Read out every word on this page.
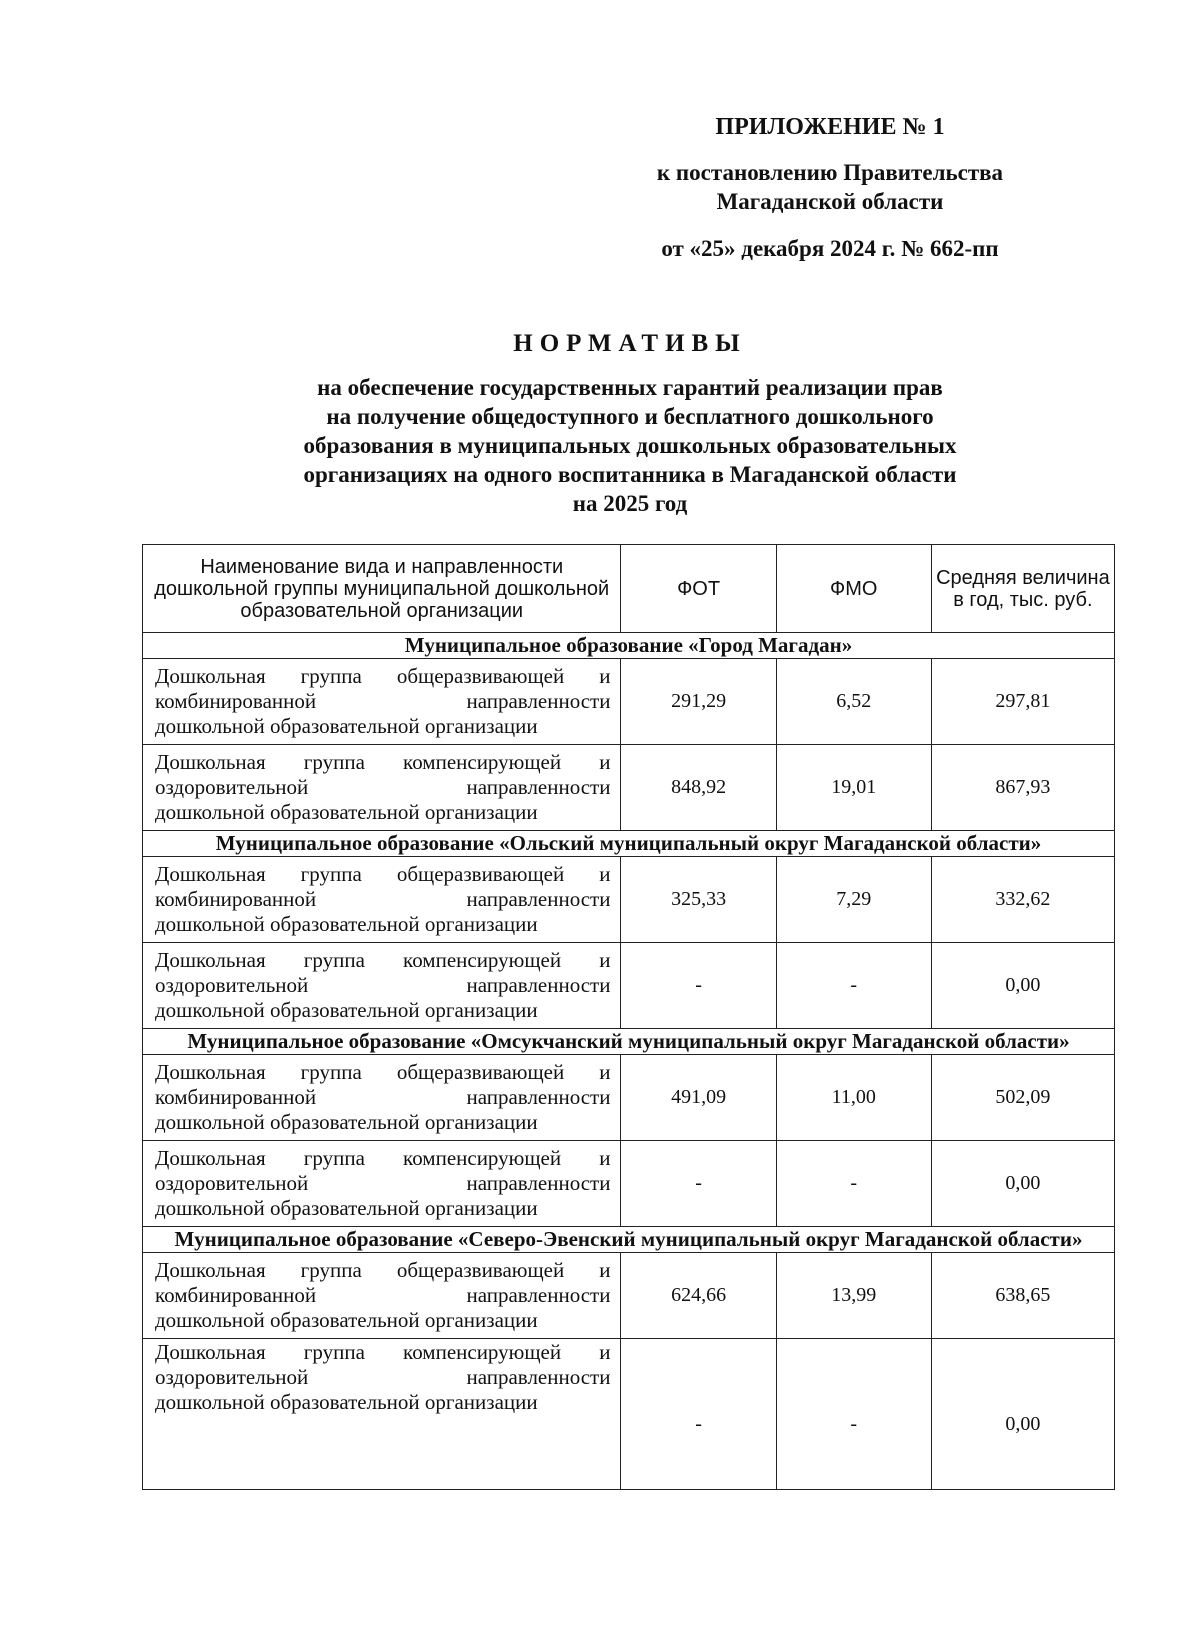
ПРИЛОЖЕНИЕ № 1
к постановлению Правительства
Магаданской области
от «25» декабря 2024 г. № 662-пп
НОРМАТИВЫ
на обеспечение государственных гарантий реализации прав
на получение общедоступного и бесплатного дошкольного
образования в муниципальных дошкольных образовательных
организациях на одного воспитанника в Магаданской области
на 2025 год
Наименование вида и направленности дошкольной группы муниципальной дошкольной образовательной организации	ФОТ	ФМО	Средняя величина в год, тыс. руб.
Муниципальное образование «Город Магадан»			
Дошкольная группа общеразвивающей и комбинированной направленности
дошкольной образовательной организации	291,29	6,52	297,81
Дошкольная группа компенсирующей и оздоровительной направленности
дошкольной образовательной организации	848,92	19,01	867,93
Муниципальное образование «Ольский муниципальный округ Магаданской области»			
Дошкольная группа общеразвивающей и комбинированной направленности
дошкольной образовательной организации	325,33	7,29	332,62
Дошкольная группа компенсирующей и оздоровительной направленности
дошкольной образовательной организации	-	-	0,00
Муниципальное образование «Омсукчанский муниципальный округ Магаданской области»			
Дошкольная группа общеразвивающей и комбинированной направленности
дошкольной образовательной организации	491,09	11,00	502,09
Дошкольная группа компенсирующей и оздоровительной направленности
дошкольной образовательной организации	-	-	0,00
Муниципальное образование «Северо-Эвенский муниципальный округ Магаданской области»			
Дошкольная группа общеразвивающей и комбинированной направленности
дошкольной образовательной организации	624,66	13,99	638,65
Дошкольная группа компенсирующей и оздоровительной направленности
дошкольной образовательной организации	-	-	0,00
